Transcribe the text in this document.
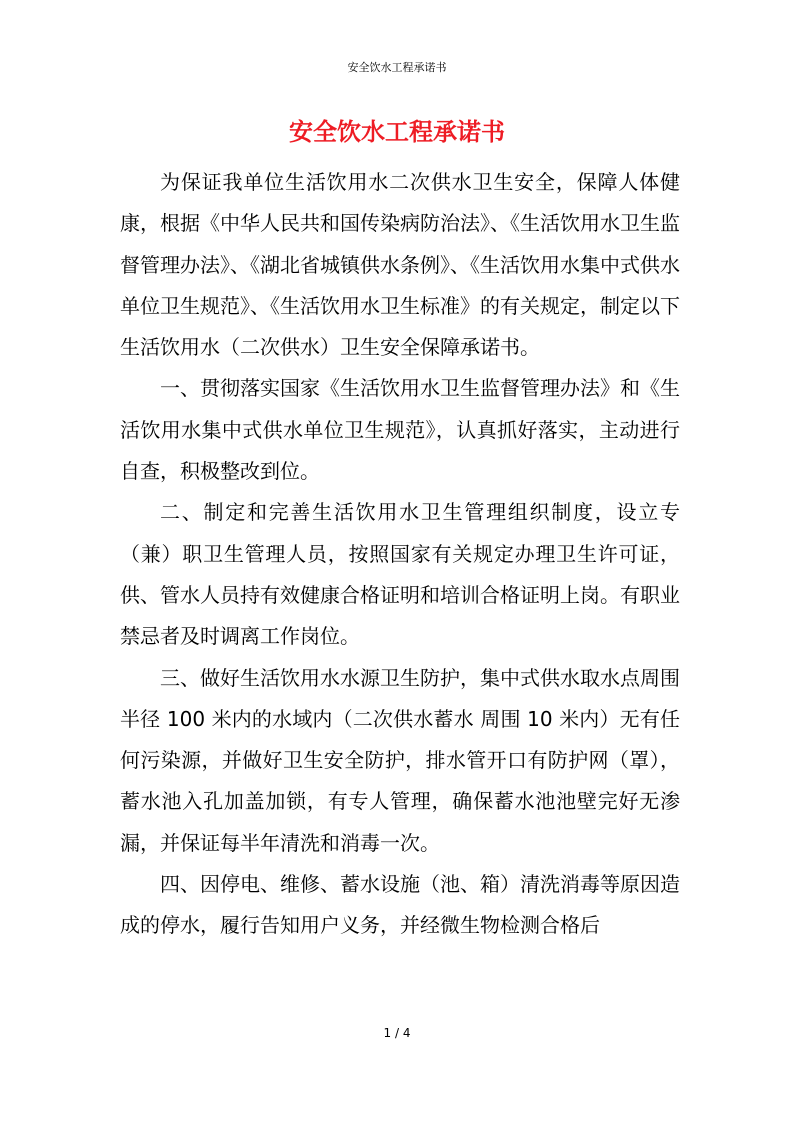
安全饮水工程承诺书
安全饮水工程承诺书

为保证我单位生活饮用水二次供水卫生安全，保障人体健康，根据《中华人民共和国传染病防治法》、《生活饮用水卫生监督管理办法》、《湖北省城镇供水条例》、《生活饮用水集中式供水单位卫生规范》、《生活饮用水卫生标准》的有关规定，制定以下生活饮用水（二次供水）卫生安全保障承诺书。

一、贯彻落实国家《生活饮用水卫生监督管理办法》和《生活饮用水集中式供水单位卫生规范》，认真抓好落实，主动进行自查，积极整改到位。

二、制定和完善生活饮用水卫生管理组织制度，设立专（兼）职卫生管理人员，按照国家有关规定办理卫生许可证，供、管水人员持有效健康合格证明和培训合格证明上岗。有职业禁忌者及时调离工作岗位。

三、做好生活饮用水水源卫生防护，集中式供水取水点周围半径 100 米内的水域内（二次供水蓄水 周围 10 米内）无有任何污染源，并做好卫生安全防护，排水管开口有防护网（罩），蓄水池入孔加盖加锁，有专人管理，确保蓄水池池壁完好无渗漏，并保证每半年清洗和消毒一次。

四、因停电、维修、蓄水设施（池、箱）清洗消毒等原因造成的停水，履行告知用户义务，并经微生物检测合格后

1 / 4
